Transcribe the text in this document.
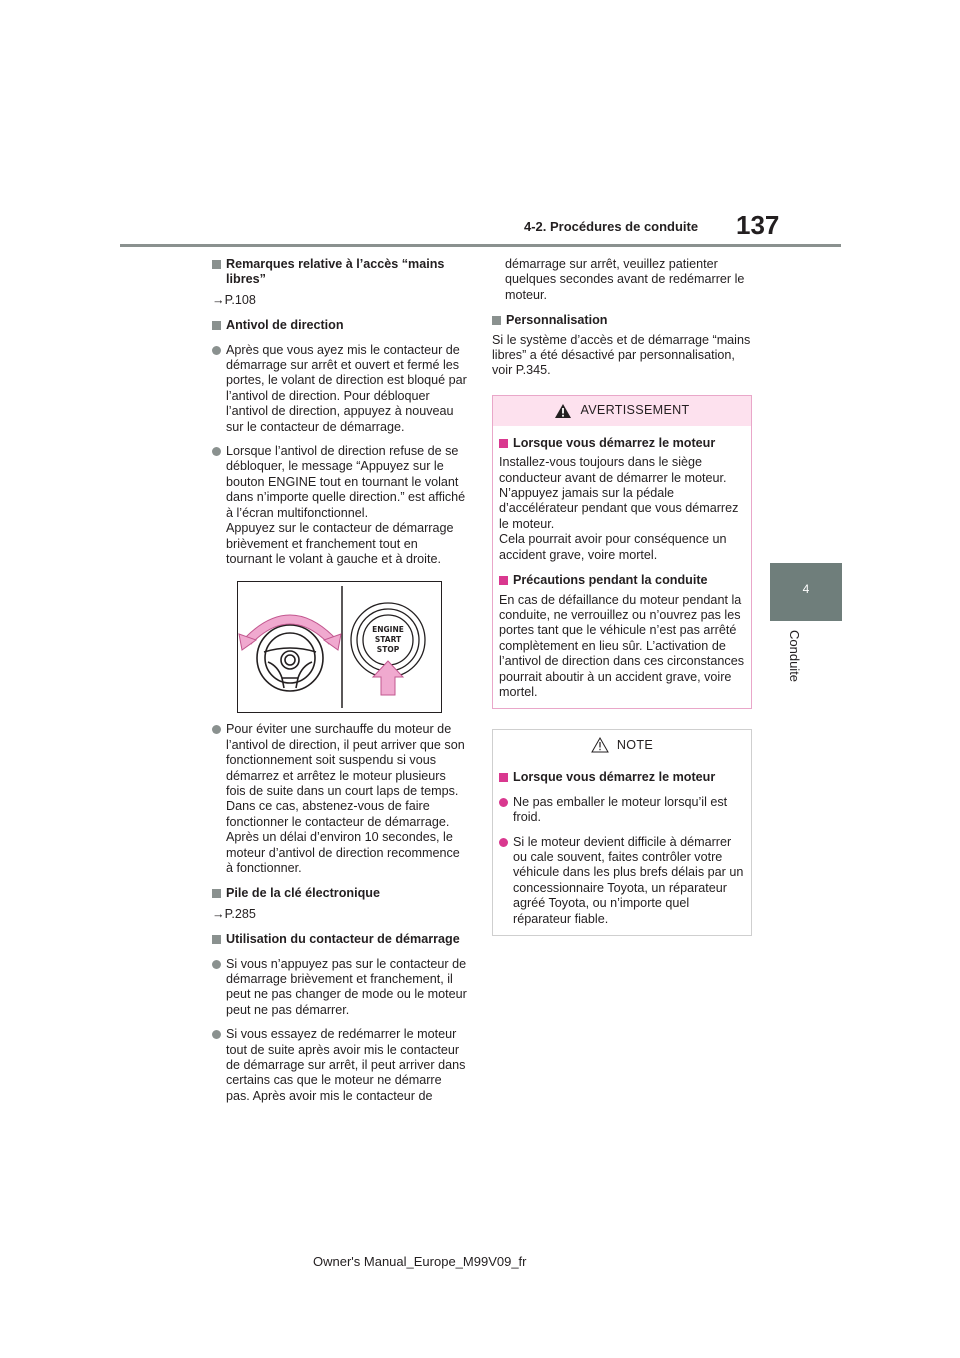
4-2. Procédures de conduite 137
4
Conduite
Remarques relative à l’accès “mains libres”
→P.108
Antivol de direction
Après que vous ayez mis le contacteur de démarrage sur arrêt et ouvert et fermé les portes, le volant de direction est bloqué par l’antivol de direction. Pour débloquer l’antivol de direction, appuyez à nouveau sur le contacteur de démarrage.
Lorsque l’antivol de direction refuse de se débloquer, le message “Appuyez sur le bouton ENGINE tout en tournant le volant dans n’importe quelle direction.” est affiché à l’écran multifonctionnel.
Appuyez sur le contacteur de démarrage brièvement et franchement tout en tournant le volant à gauche et à droite.
ENGINE
START
STOP
Pour éviter une surchauffe du moteur de l’antivol de direction, il peut arriver que son fonctionnement soit suspendu si vous démarrez et arrêtez le moteur plusieurs fois de suite dans un court laps de temps. Dans ce cas, abstenez-vous de faire fonctionner le contacteur de démarrage. Après un délai d’environ 10 secondes, le moteur d’antivol de direction recommence à fonctionner.
Pile de la clé électronique
→P.285
Utilisation du contacteur de démarrage
Si vous n’appuyez pas sur le contacteur de démarrage brièvement et franchement, il peut ne pas changer de mode ou le moteur peut ne pas démarrer.
Si vous essayez de redémarrer le moteur tout de suite après avoir mis le contacteur de démarrage sur arrêt, il peut arriver dans certains cas que le moteur ne démarre pas. Après avoir mis le contacteur de
démarrage sur arrêt, veuillez patienter quelques secondes avant de redémarrer le moteur.
Personnalisation
Si le système d’accès et de démarrage “mains libres” a été désactivé par personnalisation, voir P.345.
AVERTISSEMENT
Lorsque vous démarrez le moteur
Installez-vous toujours dans le siège conducteur avant de démarrer le moteur. N’appuyez jamais sur la pédale d’accélérateur pendant que vous démarrez le moteur.
Cela pourrait avoir pour conséquence un accident grave, voire mortel.
Précautions pendant la conduite
En cas de défaillance du moteur pendant la conduite, ne verrouillez ou n’ouvrez pas les portes tant que le véhicule n’est pas arrêté complètement en lieu sûr. L’activation de l’antivol de direction dans ces circonstances pourrait aboutir à un accident grave, voire mortel.
NOTE
Lorsque vous démarrez le moteur
Ne pas emballer le moteur lorsqu’il est froid.
Si le moteur devient difficile à démarrer ou cale souvent, faites contrôler votre véhicule dans les plus brefs délais par un concessionnaire Toyota, un réparateur agréé Toyota, ou n’importe quel réparateur fiable.
Owner's Manual_Europe_M99V09_fr
